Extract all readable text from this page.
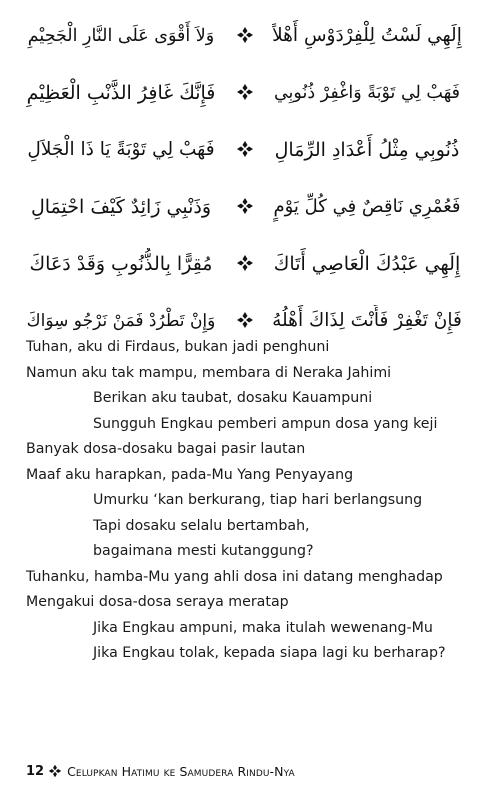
إِلَهِي لَسْتُ لِلْفِرْدَوْسِ أَهْلاً
وَلاَ أَقْوَى عَلَى النَّارِ الْجَحِيْمِ
فَهَبْ لِي تَوْبَةً وَاغْفِرْ ذُنُوبِي
فَإِنَّكَ غَافِرُ الذَّنْبِ الْعَظِيْمِ
ذُنُوبِي مِثْلُ أَعْدَادِ الرِّمَالِ
فَهَبْ لِي تَوْبَةً يَا ذَا الْجَلاَلِ
فَعُمْرِي نَاقِصٌ فِي كُلِّ يَوْمٍ
وَذَنْبِي زَائِدٌ كَيْفَ احْتِمَالِ
إِلَهِي عَبْدُكَ الْعَاصِي أَتَاكَ
مُقِرًّا بِالذُّنُوبِ وَقَدْ دَعَاكَ
فَإِنْ تَغْفِرْ فَأَنْتَ لِذَاكَ أَهْلُهُ
وَإِنْ تَطْرُدْ فَمَنْ نَرْجُو سِوَاكَ
Tuhan, aku di Firdaus, bukan jadi penghuni
Namun aku tak mampu, membara di Neraka Jahimi
Berikan aku taubat, dosaku Kauampuni
Sungguh Engkau pemberi ampun dosa yang keji
Banyak dosa-dosaku bagai pasir lautan
Maaf aku harapkan, pada-Mu Yang Penyayang
Umurku ‘kan berkurang, tiap hari berlangsung
Tapi dosaku selalu bertambah,
bagaimana mesti kutanggung?
Tuhanku, hamba-Mu yang ahli dosa ini datang menghadap
Mengakui dosa-dosa seraya meratap
Jika Engkau ampuni, maka itulah wewenang-Mu
Jika Engkau tolak, kepada siapa lagi ku berharap?
12 Celupkan Hatimu ke Samudera Rindu-Nya
